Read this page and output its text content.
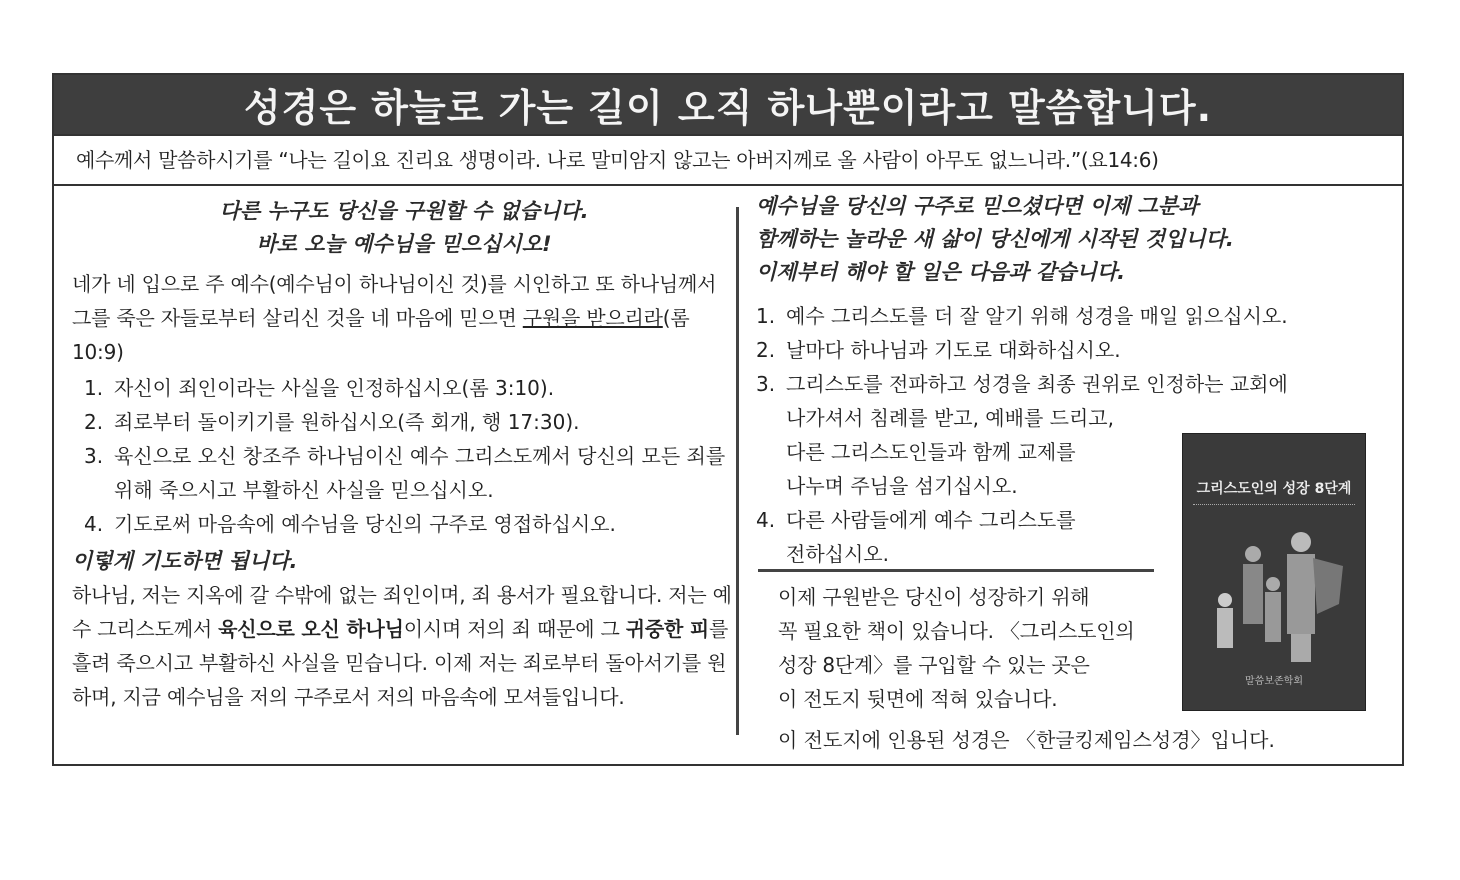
성경은 하늘로 가는 길이 오직 하나뿐이라고 말씀합니다.
예수께서 말씀하시기를 “나는 길이요 진리요 생명이라. 나로 말미암지 않고는 아버지께로 올 사람이 아무도 없느니라.”(요14:6)
다른 누구도 당신을 구원할 수 없습니다.
바로 오늘 예수님을 믿으십시오!
네가 네 입으로 주 예수(예수님이 하나님이신 것)를 시인하고 또 하나님께서 그를 죽은 자들로부터 살리신 것을 네 마음에 믿으면 구원을 받으리라(롬 10:9)
1. 자신이 죄인이라는 사실을 인정하십시오(롬 3:10).
2. 죄로부터 돌이키기를 원하십시오(즉 회개, 행 17:30).
3. 육신으로 오신 창조주 하나님이신 예수 그리스도께서 당신의 모든 죄를 위해 죽으시고 부활하신 사실을 믿으십시오.
4. 기도로써 마음속에 예수님을 당신의 구주로 영접하십시오.
이렇게 기도하면 됩니다.
하나님, 저는 지옥에 갈 수밖에 없는 죄인이며, 죄 용서가 필요합니다. 저는 예수 그리스도께서 육신으로 오신 하나님이시며 저의 죄 때문에 그 귀중한 피를 흘려 죽으시고 부활하신 사실을 믿습니다. 이제 저는 죄로부터 돌아서기를 원하며, 지금 예수님을 저의 구주로서 저의 마음속에 모셔들입니다.
예수님을 당신의 구주로 믿으셨다면 이제 그분과
함께하는 놀라운 새 삶이 당신에게 시작된 것입니다.
이제부터 해야 할 일은 다음과 같습니다.
1. 예수 그리스도를 더 잘 알기 위해 성경을 매일 읽으십시오.
2. 날마다 하나님과 기도로 대화하십시오.
3. 그리스도를 전파하고 성경을 최종 권위로 인정하는 교회에
나가셔서 침례를 받고, 예배를 드리고,
다른 그리스도인들과 함께 교제를
나누며 주님을 섬기십시오.
4. 다른 사람들에게 예수 그리스도를
전하십시오.
이제 구원받은 당신이 성장하기 위해
꼭 필요한 책이 있습니다. 〈그리스도인의
성장 8단계〉를 구입할 수 있는 곳은
이 전도지 뒷면에 적혀 있습니다.
이 전도지에 인용된 성경은 〈한글킹제임스성경〉입니다.
그리스도인의 성장 8단계
말씀보존학회
